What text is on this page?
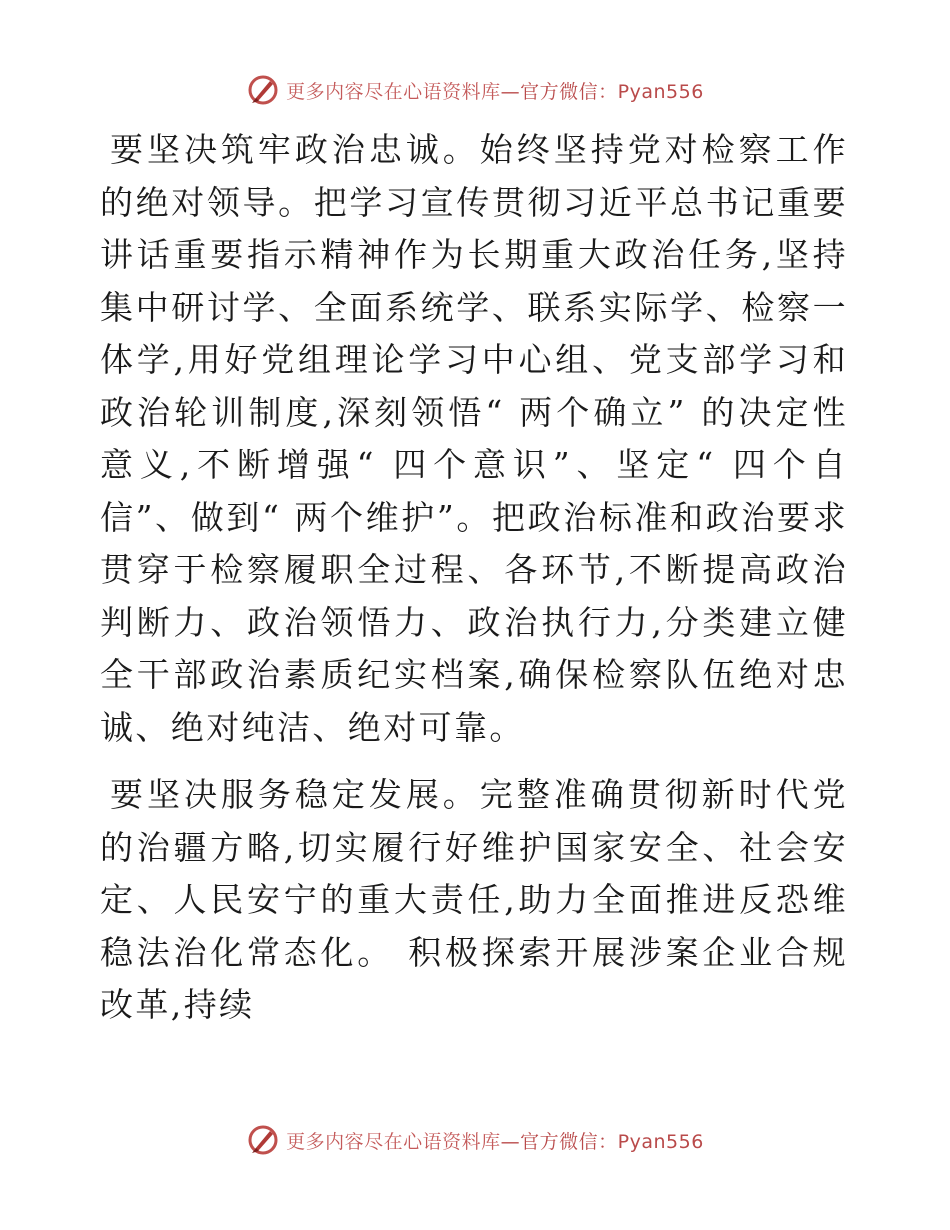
更多内容尽在心语资料库—官方微信：Pyan556

要坚决筑牢政治忠诚。始终坚持党对检察工作的绝对领导。把学习宣传贯彻习近平总书记重要讲话重要指示精神作为长期重大政治任务,坚持集中研讨学、全面系统学、联系实际学、检察一体学,用好党组理论学习中心组、党支部学习和政治轮训制度,深刻领悟“ 两个确立” 的决定性意义,不断增强“ 四个意识”、坚定“ 四个自信”、做到“ 两个维护”。把政治标准和政治要求贯穿于检察履职全过程、各环节,不断提高政治判断力、政治领悟力、政治执行力,分类建立健全干部政治素质纪实档案,确保检察队伍绝对忠诚、绝对纯洁、绝对可靠。

要坚决服务稳定发展。完整准确贯彻新时代党的治疆方略,切实履行好维护国家安全、社会安定、人民安宁的重大责任,助力全面推进反恐维稳法治化常态化。 积极探索开展涉案企业合规改革,持续

更多内容尽在心语资料库—官方微信：Pyan556
